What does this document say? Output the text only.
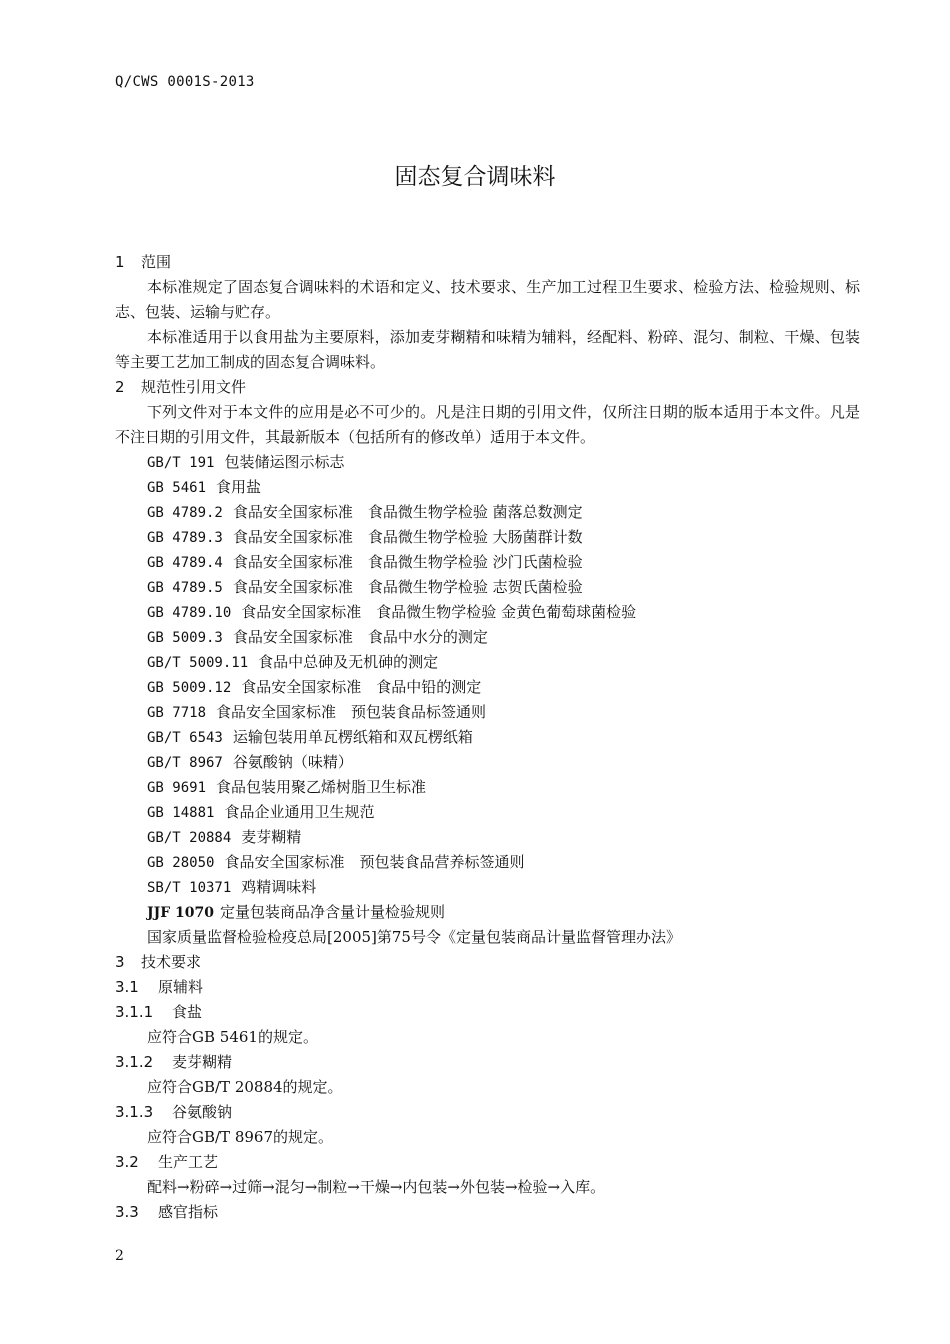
Q/CWS 0001S-2013
固态复合调味料
1 范围

本标准规定了固态复合调味料的术语和定义、技术要求、生产加工过程卫生要求、检验方法、检验规则、标志、包装、运输与贮存。

本标准适用于以食用盐为主要原料，添加麦芽糊精和味精为辅料，经配料、粉碎、混匀、制粒、干燥、包装等主要工艺加工制成的固态复合调味料。

2 规范性引用文件

下列文件对于本文件的应用是必不可少的。凡是注日期的引用文件，仅所注日期的版本适用于本文件。凡是不注日期的引用文件，其最新版本（包括所有的修改单）适用于本文件。

GB/T 191 包装储运图示标志
GB 5461 食用盐
GB 4789.2 食品安全国家标准　食品微生物学检验 菌落总数测定
GB 4789.3 食品安全国家标准　食品微生物学检验 大肠菌群计数
GB 4789.4 食品安全国家标准　食品微生物学检验 沙门氏菌检验
GB 4789.5 食品安全国家标准　食品微生物学检验 志贺氏菌检验
GB 4789.10 食品安全国家标准　食品微生物学检验 金黄色葡萄球菌检验
GB 5009.3 食品安全国家标准　食品中水分的测定
GB/T 5009.11 食品中总砷及无机砷的测定
GB 5009.12 食品安全国家标准　食品中铅的测定
GB 7718 食品安全国家标准　预包装食品标签通则
GB/T 6543 运输包装用单瓦楞纸箱和双瓦楞纸箱
GB/T 8967 谷氨酸钠（味精）
GB 9691 食品包装用聚乙烯树脂卫生标准
GB 14881 食品企业通用卫生规范
GB/T 20884 麦芽糊精
GB 28050 食品安全国家标准　预包装食品营养标签通则
SB/T 10371 鸡精调味料
JJF 1070 定量包装商品净含量计量检验规则
国家质量监督检验检疫总局[2005]第75号令《定量包装商品计量监督管理办法》
3 技术要求
3.1 原辅料
3.1.1 食盐
应符合GB 5461的规定。
3.1.2 麦芽糊精
应符合GB/T 20884的规定。
3.1.3 谷氨酸钠
应符合GB/T 8967的规定。
3.2 生产工艺
配料→粉碎→过筛→混匀→制粒→干燥→内包装→外包装→检验→入库。
3.3 感官指标
2
